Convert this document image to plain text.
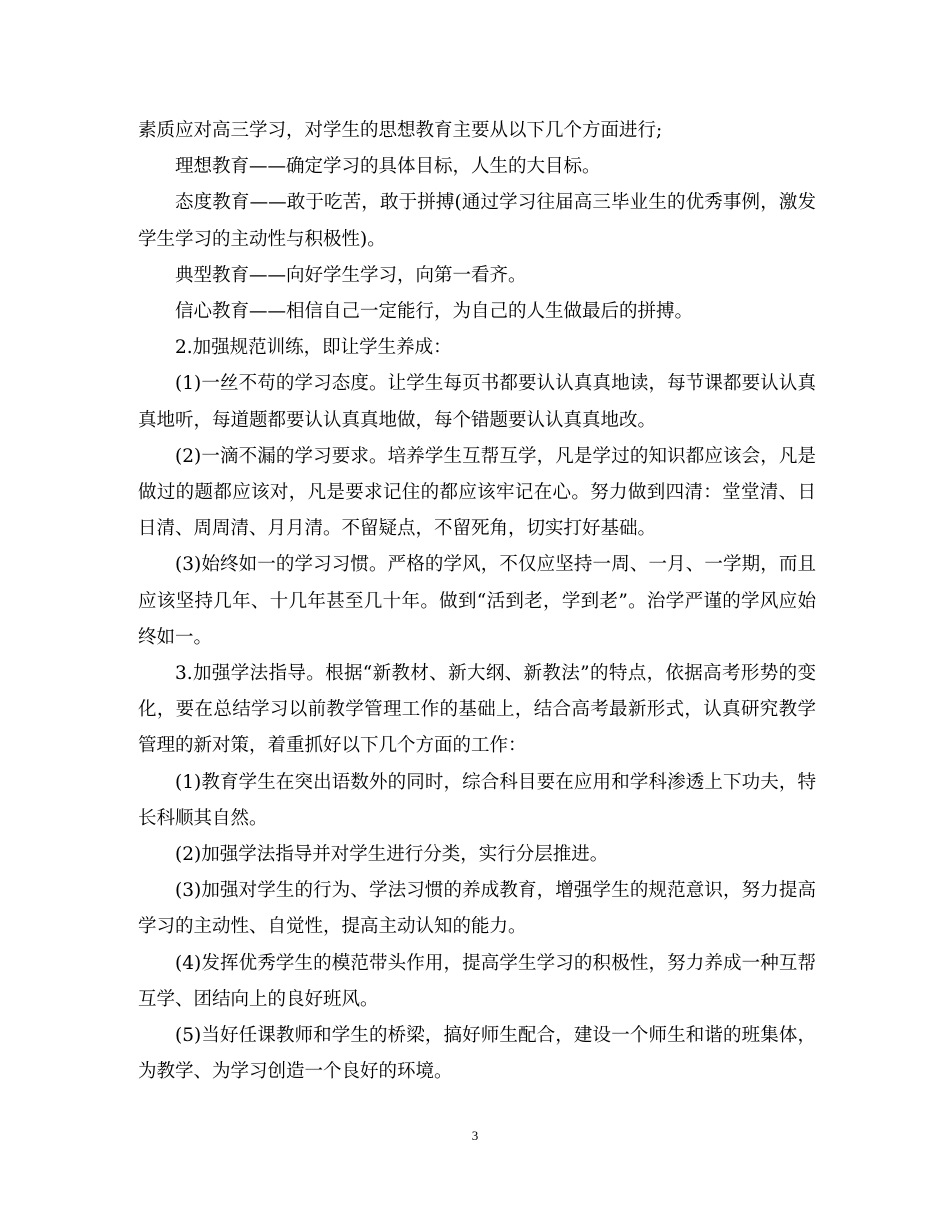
素质应对高三学习，对学生的思想教育主要从以下几个方面进行;

理想教育——确定学习的具体目标，人生的大目标。

态度教育——敢于吃苦，敢于拼搏(通过学习往届高三毕业生的优秀事例，激发学生学习的主动性与积极性)。

典型教育——向好学生学习，向第一看齐。

信心教育——相信自己一定能行，为自己的人生做最后的拼搏。

2.加强规范训练，即让学生养成：

(1)一丝不苟的学习态度。让学生每页书都要认认真真地读，每节课都要认认真真地听，每道题都要认认真真地做，每个错题要认认真真地改。

(2)一滴不漏的学习要求。培养学生互帮互学，凡是学过的知识都应该会，凡是做过的题都应该对，凡是要求记住的都应该牢记在心。努力做到四清：堂堂清、日日清、周周清、月月清。不留疑点，不留死角，切实打好基础。

(3)始终如一的学习习惯。严格的学风，不仅应坚持一周、一月、一学期，而且应该坚持几年、十几年甚至几十年。做到“活到老，学到老”。治学严谨的学风应始终如一。

3.加强学法指导。根据“新教材、新大纲、新教法”的特点，依据高考形势的变化，要在总结学习以前教学管理工作的基础上，结合高考最新形式，认真研究教学管理的新对策，着重抓好以下几个方面的工作：

(1)教育学生在突出语数外的同时，综合科目要在应用和学科渗透上下功夫，特长科顺其自然。

(2)加强学法指导并对学生进行分类，实行分层推进。

(3)加强对学生的行为、学法习惯的养成教育，增强学生的规范意识，努力提高学习的主动性、自觉性，提高主动认知的能力。

(4)发挥优秀学生的模范带头作用，提高学生学习的积极性，努力养成一种互帮互学、团结向上的良好班风。

(5)当好任课教师和学生的桥梁，搞好师生配合，建设一个师生和谐的班集体，为教学、为学习创造一个良好的环境。

3
